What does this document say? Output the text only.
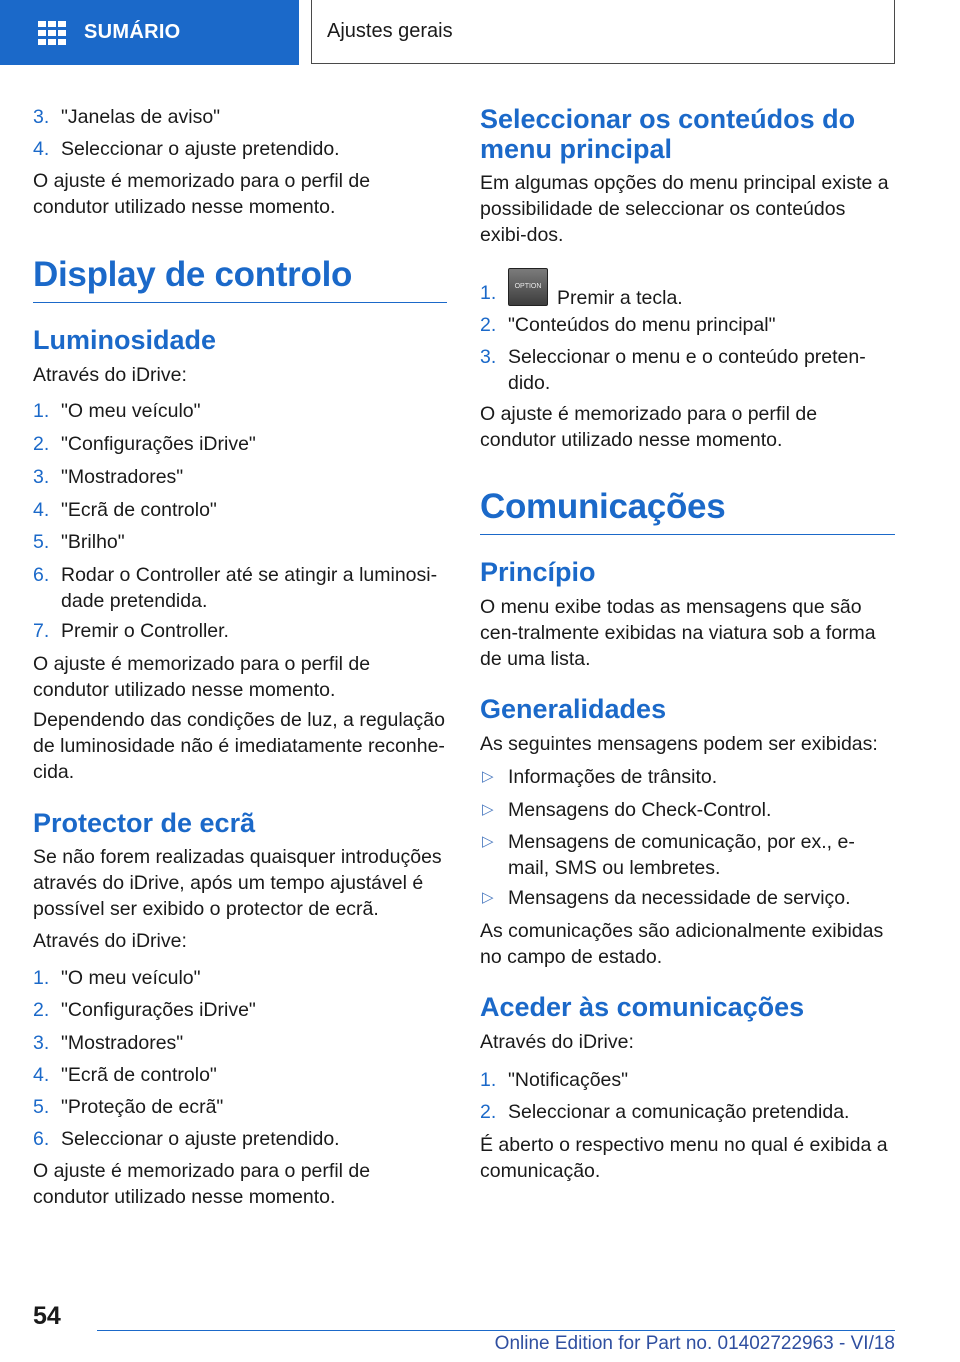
SUMÁRIO	Ajustes gerais
3. "Janelas de aviso"
4. Seleccionar o ajuste pretendido.

O ajuste é memorizado para o perfil de condutor utilizado nesse momento.

Display de controlo
Luminosidade

Através do iDrive:

1. "O meu veículo"
2. "Configurações iDrive"
3. "Mostradores"
4. "Ecrã de controlo"
5. "Brilho"
6. Rodar o Controller até se atingir a luminosi-dade pretendida.
7. Premir o Controller.

O ajuste é memorizado para o perfil de condutor utilizado nesse momento.

Dependendo das condições de luz, a regulação de luminosidade não é imediatamente reconhe-cida.

Protector de ecrã

Se não forem realizadas quaisquer introduções através do iDrive, após um tempo ajustável é possível ser exibido o protector de ecrã.

Através do iDrive:

1. "O meu veículo"
2. "Configurações iDrive"
3. "Mostradores"
4. "Ecrã de controlo"
5. "Proteção de ecrã"
6. Seleccionar o ajuste pretendido.

O ajuste é memorizado para o perfil de condutor utilizado nesse momento.

Seleccionar os conteúdos do menu principal

Em algumas opções do menu principal existe a possibilidade de seleccionar os conteúdos exibi-dos.

1.	OPTIONPremir a tecla.
2. "Conteúdos do menu principal"
3. Seleccionar o menu e o conteúdo preten-dido.

O ajuste é memorizado para o perfil de condutor utilizado nesse momento.

Comunicações
Princípio

O menu exibe todas as mensagens que são cen-tralmente exibidas na viatura sob a forma de uma lista.

Generalidades

As seguintes mensagens podem ser exibidas:

▷ Informações de trânsito.
▷ Mensagens do Check-Control.
▷ Mensagens de comunicação, por ex., e-mail, SMS ou lembretes.
▷ Mensagens da necessidade de serviço.

As comunicações são adicionalmente exibidas no campo de estado.

Aceder às comunicações

Através do iDrive:

1. "Notificações"
2. Seleccionar a comunicação pretendida.

É aberto o respectivo menu no qual é exibida a comunicação.

54
Online Edition for Part no. 01402722963 - VI/18
